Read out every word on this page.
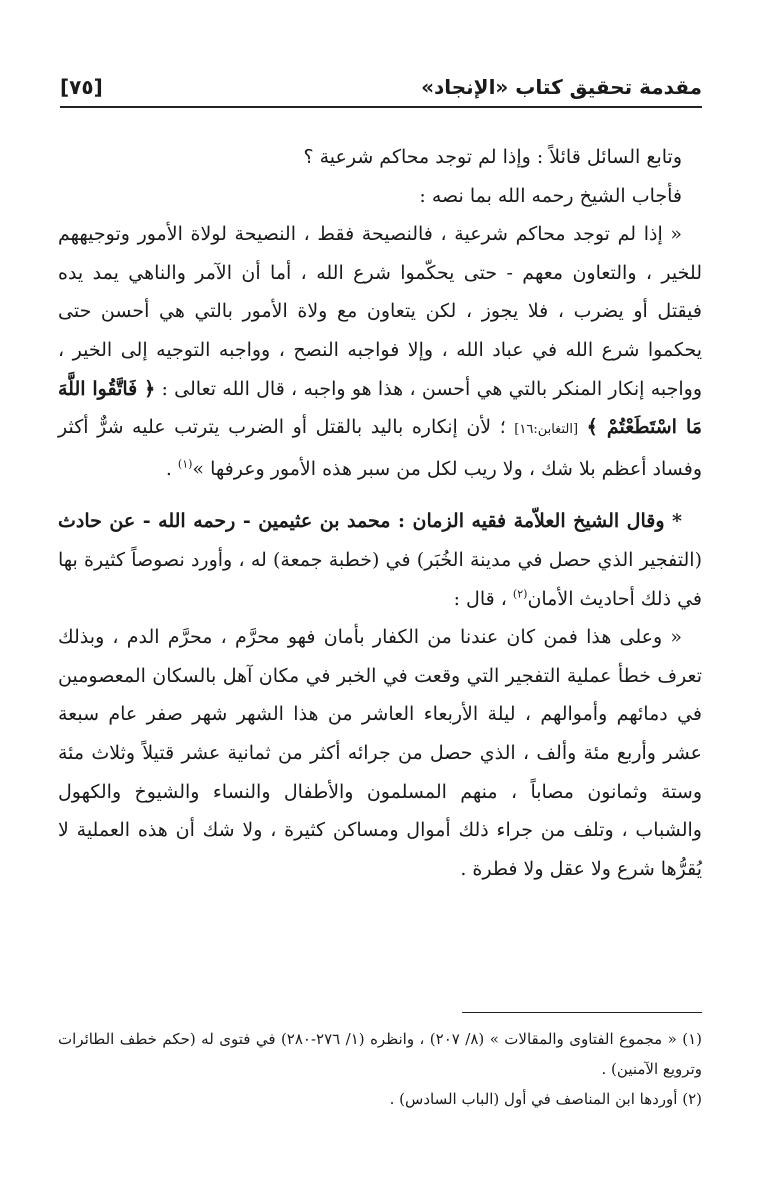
مقدمة تحقيق كتاب «الإنجاد»
[٧٥]

وتابع السائل قائلاً : وإذا لم توجد محاكم شرعية ؟

فأجاب الشيخ رحمه الله بما نصه :

« إذا لم توجد محاكم شرعية ، فالنصيحة فقط ، النصيحة لولاة الأمور وتوجيههم للخير ، والتعاون معهم - حتى يحكّموا شرع الله ، أما أن الآمر والناهي يمد يده فيقتل أو يضرب ، فلا يجوز ، لكن يتعاون مع ولاة الأمور بالتي هي أحسن حتى يحكموا شرع الله في عباد الله ، وإلا فواجبه النصح ، وواجبه التوجيه إلى الخير ، وواجبه إنكار المنكر بالتي هي أحسن ، هذا هو واجبه ، قال الله تعالى : ﴿ فَاتَّقُوا اللَّهَ مَا اسْتَطَعْتُمْ ﴾ [التغابن:١٦] ؛ لأن إنكاره باليد بالقتل أو الضرب يترتب عليه شرٌّ أكثر وفساد أعظم بلا شك ، ولا ريب لكل من سبر هذه الأمور وعرفها »$^{(١)}$ .

* وقال الشيخ العلاّمة فقيه الزمان : محمد بن عثيمين - رحمه الله - عن حادث (التفجير الذي حصل في مدينة الخُبَر) في (خطبة جمعة) له ، وأورد نصوصاً كثيرة بها في ذلك أحاديث الأمان$^{(٢)}$ ، قال :

« وعلى هذا فمن كان عندنا من الكفار بأمان فهو محرَّم ، محرَّم الدم ، وبذلك تعرف خطأ عملية التفجير التي وقعت في الخبر في مكان آهل بالسكان المعصومين في دمائهم وأموالهم ، ليلة الأربعاء العاشر من هذا الشهر شهر صفر عام سبعة عشر وأربع مئة وألف ، الذي حصل من جرائه أكثر من ثمانية عشر قتيلاً وثلاث مئة وستة وثمانون مصاباً ، منهم المسلمون والأطفال والنساء والشيوخ والكهول والشباب ، وتلف من جراء ذلك أموال ومساكن كثيرة ، ولا شك أن هذه العملية لا يُقرُّها شرع ولا عقل ولا فطرة .

(١) « مجموع الفتاوى والمقالات » (٨/ ٢٠٧) ، وانظره (١/ ٢٧٦-٢٨٠) في فتوى له (حكم خطف الطائرات وترويع الآمنين) .

(٢) أوردها ابن المناصف في أول (الباب السادس) .
